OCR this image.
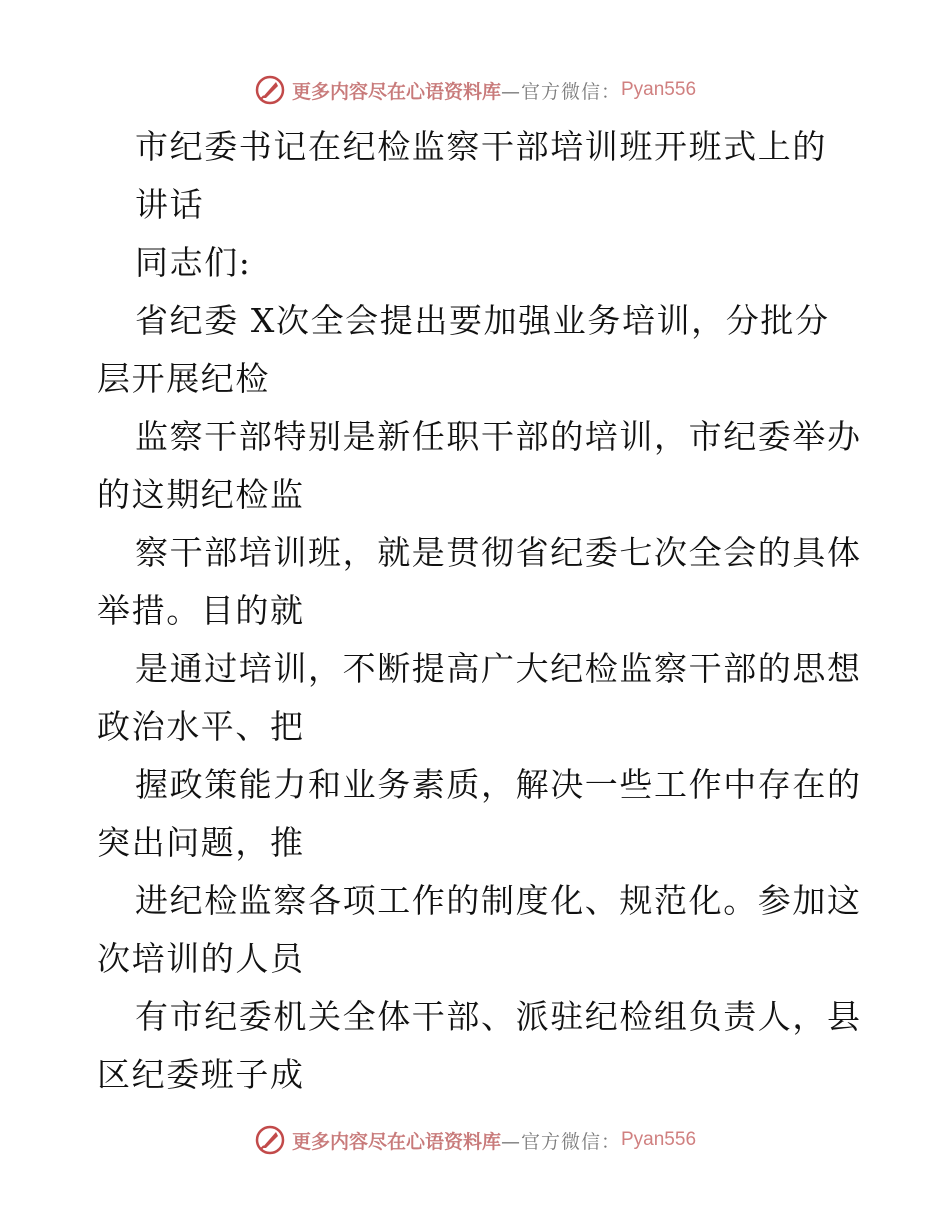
更多内容尽在心语资料库 —官方微信： Pyan556
市纪委书记在纪检监察干部培训班开班式上的
讲话
同志们:
省纪委 X次全会提出要加强业务培训，分批分
层开展纪检
监察干部特别是新任职干部的培训，市纪委举办
的这期纪检监
察干部培训班，就是贯彻省纪委七次全会的具体
举措。目的就
是通过培训，不断提高广大纪检监察干部的思想
政治水平、把
握政策能力和业务素质，解决一些工作中存在的
突出问题，推
进纪检监察各项工作的制度化、规范化。参加这
次培训的人员
有市纪委机关全体干部、派驻纪检组负责人，县
区纪委班子成
更多内容尽在心语资料库 —官方微信： Pyan556
